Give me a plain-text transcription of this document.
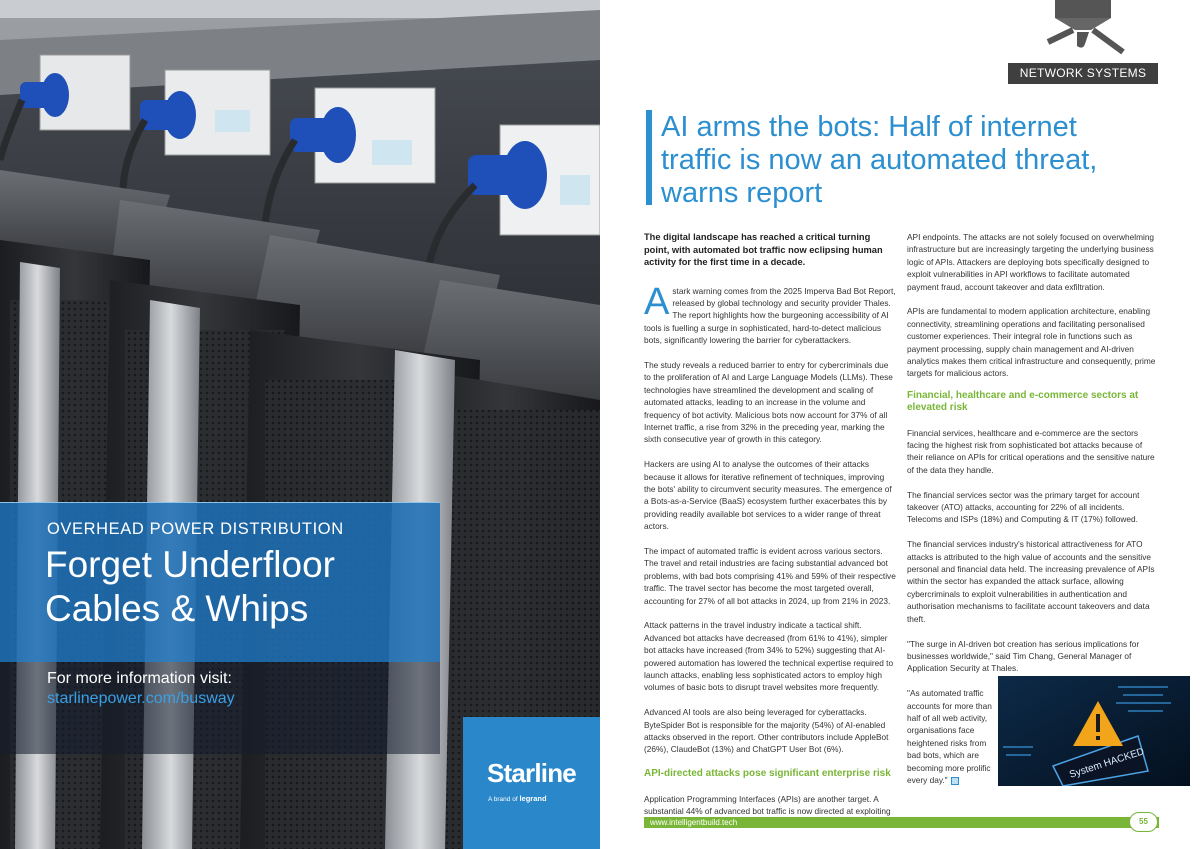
OVERHEAD POWER DISTRIBUTION
Forget Underfloor
Cables & Whips
For more information visit:
starlinepower.com/busway
Starline
A brand of legrand
NETWORK SYSTEMS
AI arms the bots: Half of internet traffic is now an automated threat, warns report

The digital landscape has reached a critical turning point, with automated bot traffic now eclipsing human activity for the first time in a decade.

A stark warning comes from the 2025 Imperva Bad Bot Report, released by global technology and security provider Thales. The report highlights how the burgeoning accessibility of AI tools is fuelling a surge in sophisticated, hard-to-detect malicious bots, significantly lowering the barrier for cyberattackers.

The study reveals a reduced barrier to entry for cybercriminals due to the proliferation of AI and Large Language Models (LLMs). These technologies have streamlined the development and scaling of automated attacks, leading to an increase in the volume and frequency of bot activity. Malicious bots now account for 37% of all Internet traffic, a rise from 32% in the preceding year, marking the sixth consecutive year of growth in this category.

Hackers are using AI to analyse the outcomes of their attacks because it allows for iterative refinement of techniques, improving the bots' ability to circumvent security measures. The emergence of a Bots-as-a-Service (BaaS) ecosystem further exacerbates this by providing readily available bot services to a wider range of threat actors.

The impact of automated traffic is evident across various sectors. The travel and retail industries are facing substantial advanced bot problems, with bad bots comprising 41% and 59% of their respective traffic. The travel sector has become the most targeted overall, accounting for 27% of all bot attacks in 2024, up from 21% in 2023.

Attack patterns in the travel industry indicate a tactical shift. Advanced bot attacks have decreased (from 61% to 41%), simpler bot attacks have increased (from 34% to 52%) suggesting that AI-powered automation has lowered the technical expertise required to launch attacks, enabling less sophisticated actors to employ high volumes of basic bots to disrupt travel websites more frequently.

Advanced AI tools are also being leveraged for cyberattacks. ByteSpider Bot is responsible for the majority (54%) of AI-enabled attacks observed in the report. Other contributors include AppleBot (26%), ClaudeBot (13%) and ChatGPT User Bot (6%).

API-directed attacks pose significant enterprise risk

Application Programming Interfaces (APIs) are another target. A substantial 44% of advanced bot traffic is now directed at exploiting

API endpoints. The attacks are not solely focused on overwhelming infrastructure but are increasingly targeting the underlying business logic of APIs. Attackers are deploying bots specifically designed to exploit vulnerabilities in API workflows to facilitate automated payment fraud, account takeover and data exfiltration.

APIs are fundamental to modern application architecture, enabling connectivity, streamlining operations and facilitating personalised customer experiences. Their integral role in functions such as payment processing, supply chain management and AI-driven analytics makes them critical infrastructure and consequently, prime targets for malicious actors.

Financial, healthcare and e-commerce sectors at elevated risk

Financial services, healthcare and e-commerce are the sectors facing the highest risk from sophisticated bot attacks because of their reliance on APIs for critical operations and the sensitive nature of the data they handle.

The financial services sector was the primary target for account takeover (ATO) attacks, accounting for 22% of all incidents. Telecoms and ISPs (18%) and Computing & IT (17%) followed.

The financial services industry's historical attractiveness for ATO attacks is attributed to the high value of accounts and the sensitive personal and financial data held. The increasing prevalence of APIs within the sector has expanded the attack surface, allowing cybercriminals to exploit vulnerabilities in authentication and authorisation mechanisms to facilitate account takeovers and data theft.

"The surge in AI-driven bot creation has serious implications for businesses worldwide," said Tim Chang, General Manager of Application Security at Thales.

"As automated traffic accounts for more than half of all web activity, organisations face heightened risks from bad bots, which are becoming more prolific every day."	System HACKED
www.intelligentbuild.tech	55
